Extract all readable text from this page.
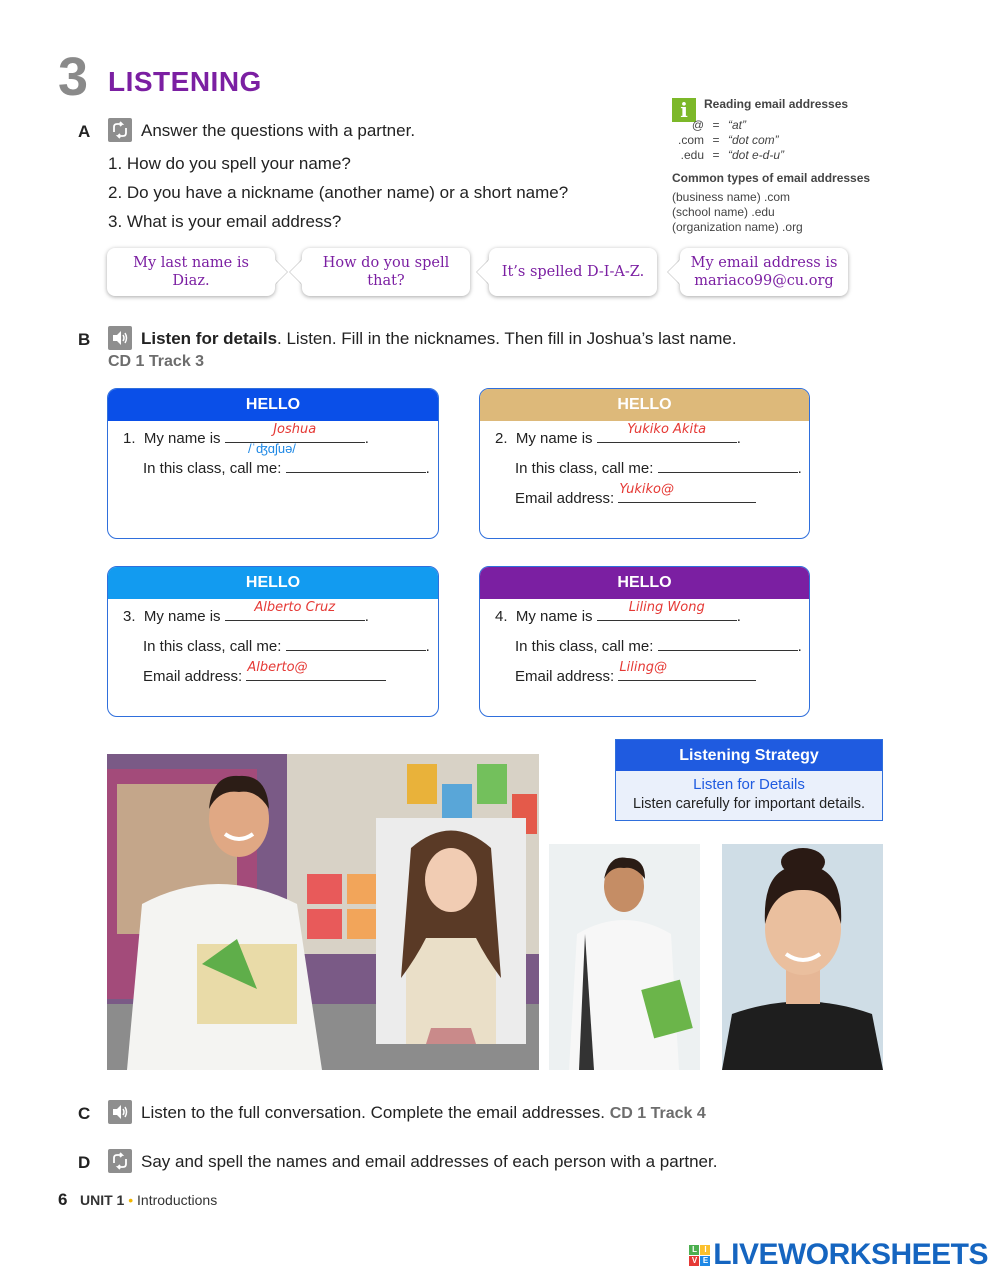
3 LISTENING
A	Answer the questions with a partner.
1. How do you spell your name?
2. Do you have a nickname (another name) or a short name?
3. What is your email address?
i	Reading email addresses
@ = “at”
.com = “dot com”
.edu = “dot e-d-u”
Common types of email addresses
(business name) .com
(school name) .edu
(organization name) .org
My last name is
Diaz.
How do you spell
that?
It’s spelled D-I-A-Z.
My email address is
mariaco99@cu.org
B	Listen for details. Listen. Fill in the nicknames. Then fill in Joshua’s last name.
CD 1 Track 3
HELLO
1. My name is
Joshua
.
/ˈʤɑʃuə/
In this class, call me:	.
HELLO
2. My name is
Yukiko Akita
.
In this class, call me:	.
Email address:
Yukiko@
HELLO
3. My name is
Alberto Cruz
.
In this class, call me:	.
Email address:
Alberto@
HELLO
4. My name is
Liling Wong
.
In this class, call me:	.
Email address:
Liling@
Listening Strategy
Listen for Details
Listen carefully for important details.
C	Listen to the full conversation. Complete the email addresses. CD 1 Track 4
D	Say and spell the names and email addresses of each person with a partner.
6 UNIT 1 • Introductions
L I
V E LIVEWORKSHEETS
